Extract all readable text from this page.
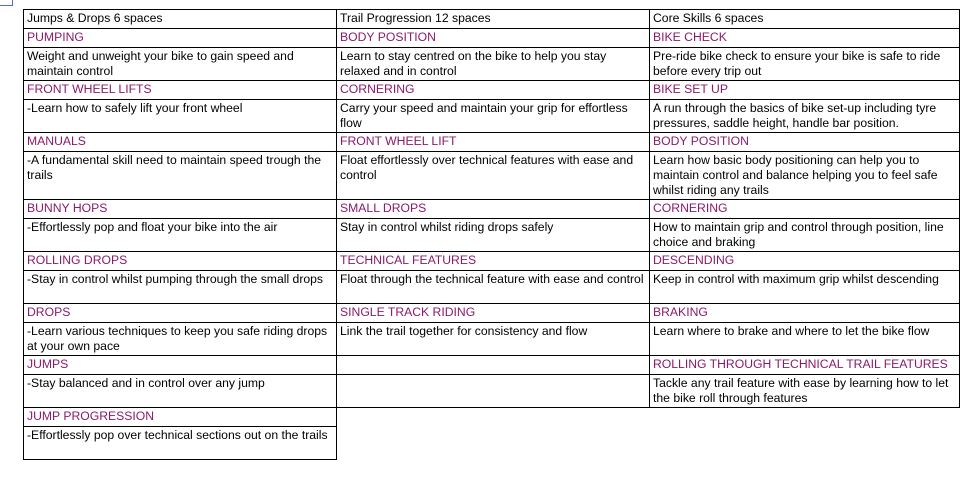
Jumps & Drops 6 spaces	Trail Progression 12 spaces	Core Skills 6 spaces
PUMPING	BODY POSITION	BIKE CHECK
Weight and unweight your bike to gain speed and maintain control	Learn to stay centred on the bike to help you stay relaxed and in control	Pre-ride bike check to ensure your bike is safe to ride before every trip out
FRONT WHEEL LIFTS	CORNERING	BIKE SET UP
-Learn how to safely lift your front wheel	Carry your speed and maintain your grip for effortless flow	A run through the basics of bike set-up including tyre pressures, saddle height, handle bar position.
MANUALS	FRONT WHEEL LIFT	BODY POSITION
-A fundamental skill need to maintain speed trough the trails	Float effortlessly over technical features with ease and control	Learn how basic body positioning can help you to maintain control and balance helping you to feel safe whilst riding any trails
BUNNY HOPS	SMALL DROPS	CORNERING
-Effortlessly pop and float your bike into the air	Stay in control whilst riding drops safely	How to maintain grip and control through position, line choice and braking
ROLLING DROPS	TECHNICAL FEATURES	DESCENDING
-Stay in control whilst pumping through the small drops	Float through the technical feature with ease and control	Keep in control with maximum grip whilst descending
DROPS	SINGLE TRACK RIDING	BRAKING
-Learn various techniques to keep you safe riding drops at your own pace	Link the trail together for consistency and flow	Learn where to brake and where to let the bike flow
JUMPS		ROLLING THROUGH TECHNICAL TRAIL FEATURES
-Stay balanced and in control over any jump		Tackle any trail feature with ease by learning how to let the bike roll through features
JUMP PROGRESSION		
-Effortlessly pop over technical sections out on the trails		
